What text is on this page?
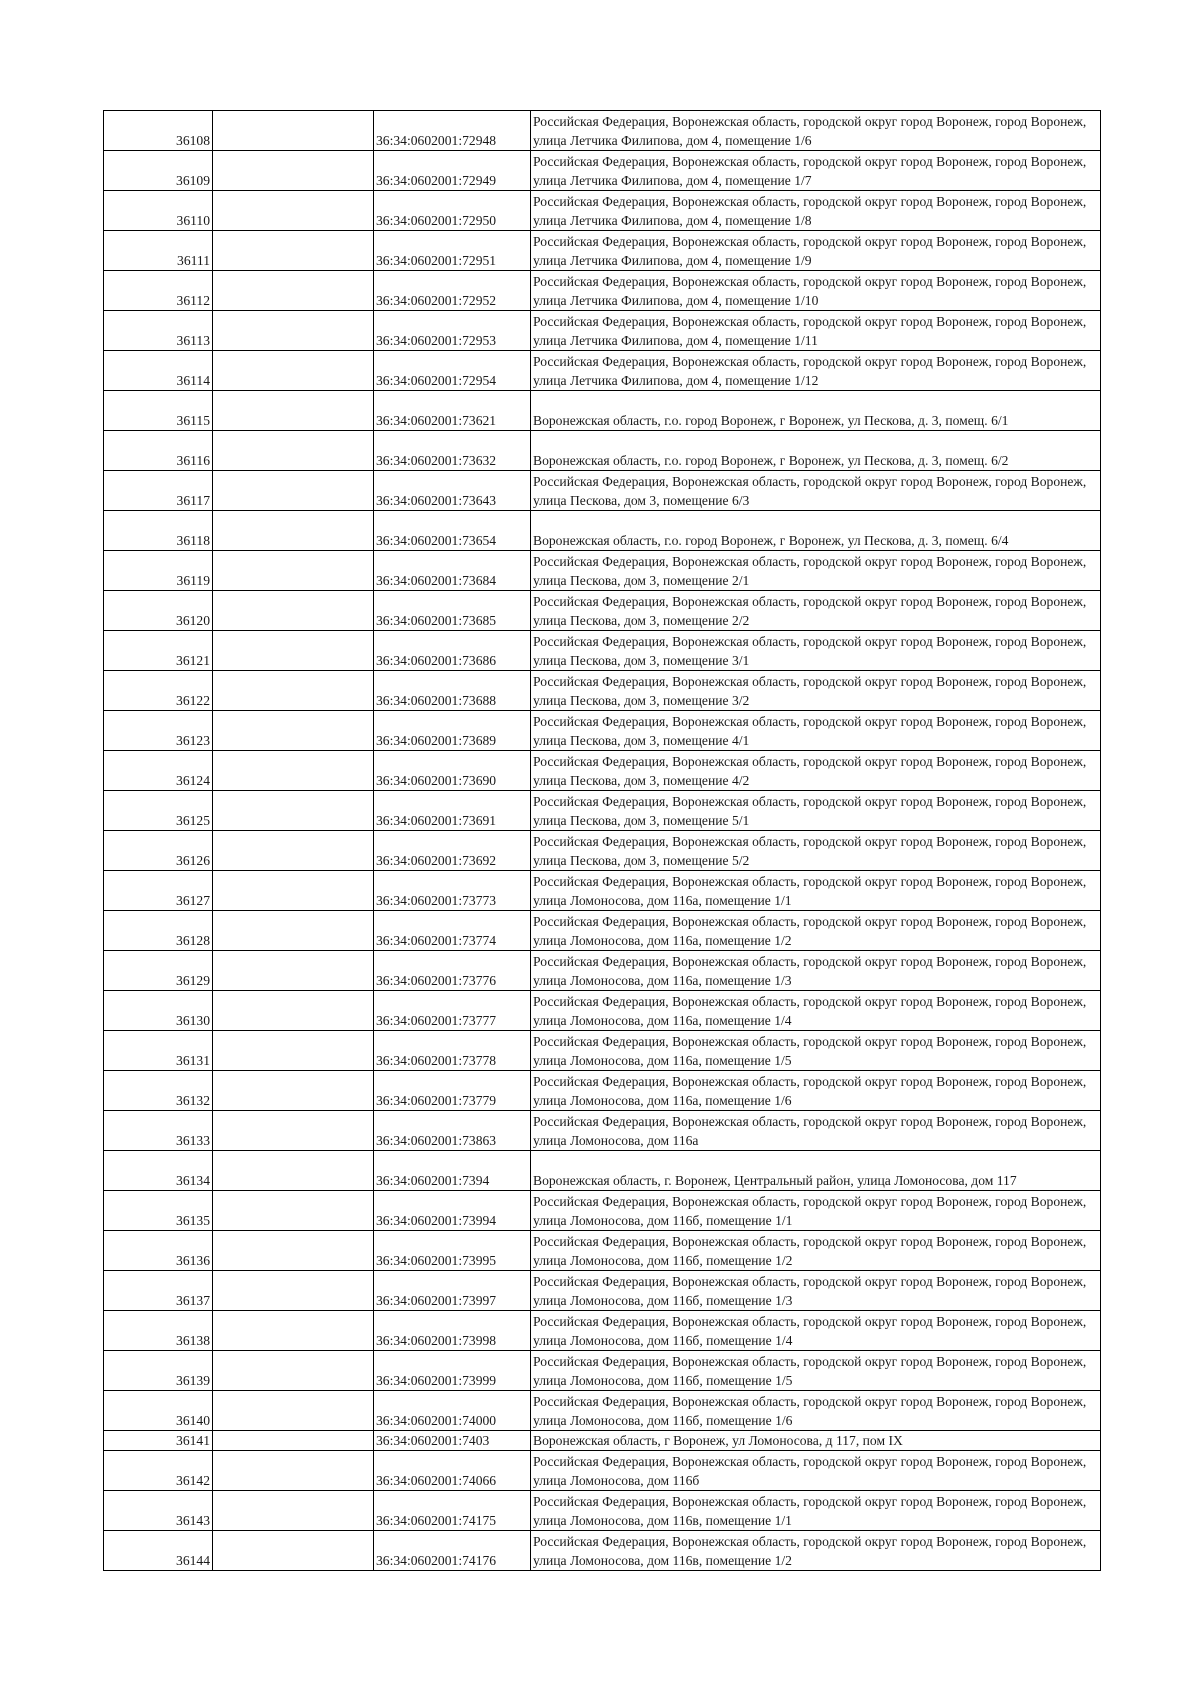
36108		36:34:0602001:72948	Российская Федерация, Воронежская область, городской округ город Воронеж, город Воронеж, улица Летчика Филипова, дом 4, помещение 1/6
36109		36:34:0602001:72949	Российская Федерация, Воронежская область, городской округ город Воронеж, город Воронеж, улица Летчика Филипова, дом 4, помещение 1/7
36110		36:34:0602001:72950	Российская Федерация, Воронежская область, городской округ город Воронеж, город Воронеж, улица Летчика Филипова, дом 4, помещение 1/8
36111		36:34:0602001:72951	Российская Федерация, Воронежская область, городской округ город Воронеж, город Воронеж, улица Летчика Филипова, дом 4, помещение 1/9
36112		36:34:0602001:72952	Российская Федерация, Воронежская область, городской округ город Воронеж, город Воронеж, улица Летчика Филипова, дом 4, помещение 1/10
36113		36:34:0602001:72953	Российская Федерация, Воронежская область, городской округ город Воронеж, город Воронеж, улица Летчика Филипова, дом 4, помещение 1/11
36114		36:34:0602001:72954	Российская Федерация, Воронежская область, городской округ город Воронеж, город Воронеж, улица Летчика Филипова, дом 4, помещение 1/12
36115		36:34:0602001:73621	Воронежская область, г.о. город Воронеж, г Воронеж, ул Пескова, д. 3, помещ. 6/1
36116		36:34:0602001:73632	Воронежская область, г.о. город Воронеж, г Воронеж, ул Пескова, д. 3, помещ. 6/2
36117		36:34:0602001:73643	Российская Федерация, Воронежская область, городской округ город Воронеж, город Воронеж, улица Пескова, дом 3, помещение 6/3
36118		36:34:0602001:73654	Воронежская область, г.о. город Воронеж, г Воронеж, ул Пескова, д. 3, помещ. 6/4
36119		36:34:0602001:73684	Российская Федерация, Воронежская область, городской округ город Воронеж, город Воронеж, улица Пескова, дом 3, помещение 2/1
36120		36:34:0602001:73685	Российская Федерация, Воронежская область, городской округ город Воронеж, город Воронеж, улица Пескова, дом 3, помещение 2/2
36121		36:34:0602001:73686	Российская Федерация, Воронежская область, городской округ город Воронеж, город Воронеж, улица Пескова, дом 3, помещение 3/1
36122		36:34:0602001:73688	Российская Федерация, Воронежская область, городской округ город Воронеж, город Воронеж, улица Пескова, дом 3, помещение 3/2
36123		36:34:0602001:73689	Российская Федерация, Воронежская область, городской округ город Воронеж, город Воронеж, улица Пескова, дом 3, помещение 4/1
36124		36:34:0602001:73690	Российская Федерация, Воронежская область, городской округ город Воронеж, город Воронеж, улица Пескова, дом 3, помещение 4/2
36125		36:34:0602001:73691	Российская Федерация, Воронежская область, городской округ город Воронеж, город Воронеж, улица Пескова, дом 3, помещение 5/1
36126		36:34:0602001:73692	Российская Федерация, Воронежская область, городской округ город Воронеж, город Воронеж, улица Пескова, дом 3, помещение 5/2
36127		36:34:0602001:73773	Российская Федерация, Воронежская область, городской округ город Воронеж, город Воронеж, улица Ломоносова, дом 116а, помещение 1/1
36128		36:34:0602001:73774	Российская Федерация, Воронежская область, городской округ город Воронеж, город Воронеж, улица Ломоносова, дом 116а, помещение 1/2
36129		36:34:0602001:73776	Российская Федерация, Воронежская область, городской округ город Воронеж, город Воронеж, улица Ломоносова, дом 116а, помещение 1/3
36130		36:34:0602001:73777	Российская Федерация, Воронежская область, городской округ город Воронеж, город Воронеж, улица Ломоносова, дом 116а, помещение 1/4
36131		36:34:0602001:73778	Российская Федерация, Воронежская область, городской округ город Воронеж, город Воронеж, улица Ломоносова, дом 116а, помещение 1/5
36132		36:34:0602001:73779	Российская Федерация, Воронежская область, городской округ город Воронеж, город Воронеж, улица Ломоносова, дом 116а, помещение 1/6
36133		36:34:0602001:73863	Российская Федерация, Воронежская область, городской округ город Воронеж, город Воронеж, улица Ломоносова, дом 116а
36134		36:34:0602001:7394	Воронежская область, г. Воронеж, Центральный район, улица Ломоносова, дом 117
36135		36:34:0602001:73994	Российская Федерация, Воронежская область, городской округ город Воронеж, город Воронеж, улица Ломоносова, дом 116б, помещение 1/1
36136		36:34:0602001:73995	Российская Федерация, Воронежская область, городской округ город Воронеж, город Воронеж, улица Ломоносова, дом 116б, помещение 1/2
36137		36:34:0602001:73997	Российская Федерация, Воронежская область, городской округ город Воронеж, город Воронеж, улица Ломоносова, дом 116б, помещение 1/3
36138		36:34:0602001:73998	Российская Федерация, Воронежская область, городской округ город Воронеж, город Воронеж, улица Ломоносова, дом 116б, помещение 1/4
36139		36:34:0602001:73999	Российская Федерация, Воронежская область, городской округ город Воронеж, город Воронеж, улица Ломоносова, дом 116б, помещение 1/5
36140		36:34:0602001:74000	Российская Федерация, Воронежская область, городской округ город Воронеж, город Воронеж, улица Ломоносова, дом 116б, помещение 1/6
36141		36:34:0602001:7403	Воронежская область, г Воронеж, ул Ломоносова, д 117, пом IX
36142		36:34:0602001:74066	Российская Федерация, Воронежская область, городской округ город Воронеж, город Воронеж, улица Ломоносова, дом 116б
36143		36:34:0602001:74175	Российская Федерация, Воронежская область, городской округ город Воронеж, город Воронеж, улица Ломоносова, дом 116в, помещение 1/1
36144		36:34:0602001:74176	Российская Федерация, Воронежская область, городской округ город Воронеж, город Воронеж, улица Ломоносова, дом 116в, помещение 1/2
